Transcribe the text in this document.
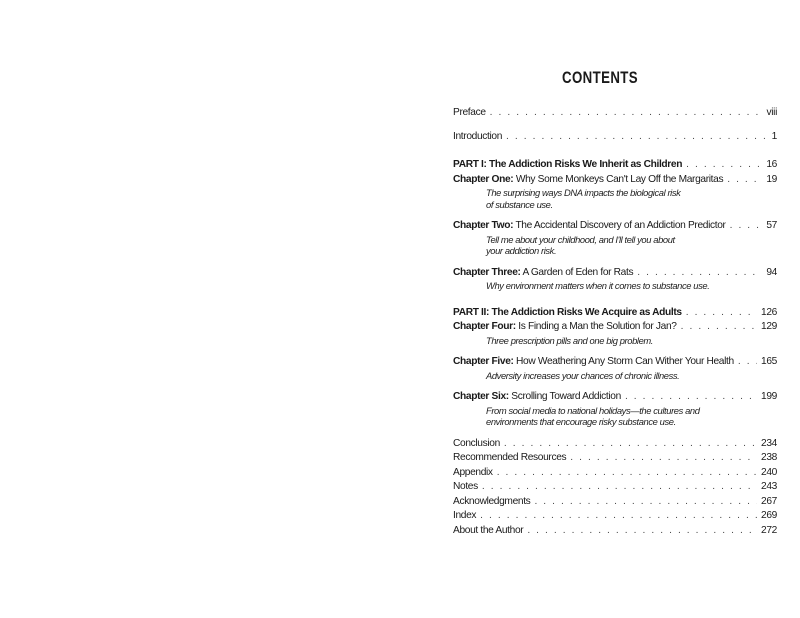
CONTENTS
Preface . . .	viii
Introduction . . .	1
PART I: The Addiction Risks We Inherit as Children . . .	16
Chapter One: Why Some Monkeys Can't Lay Off the Margaritas . . .	19
The surprising ways DNA impacts the biological risk
of substance use.
Chapter Two: The Accidental Discovery of an Addiction Predictor . . .	57
Tell me about your childhood, and I'll tell you about
your addiction risk.
Chapter Three: A Garden of Eden for Rats . . .	94
Why environment matters when it comes to substance use.
PART II: The Addiction Risks We Acquire as Adults . . .	126
Chapter Four: Is Finding a Man the Solution for Jan? . . .	129
Three prescription pills and one big problem.
Chapter Five: How Weathering Any Storm Can Wither Your Health . . .	165
Adversity increases your chances of chronic illness.
Chapter Six: Scrolling Toward Addiction . . .	199
From social media to national holidays—the cultures and
environments that encourage risky substance use.
Conclusion . . .	234
Recommended Resources . . .	238
Appendix . . .	240
Notes . . .	243
Acknowledgments . . .	267
Index . . .	269
About the Author . . .	272
